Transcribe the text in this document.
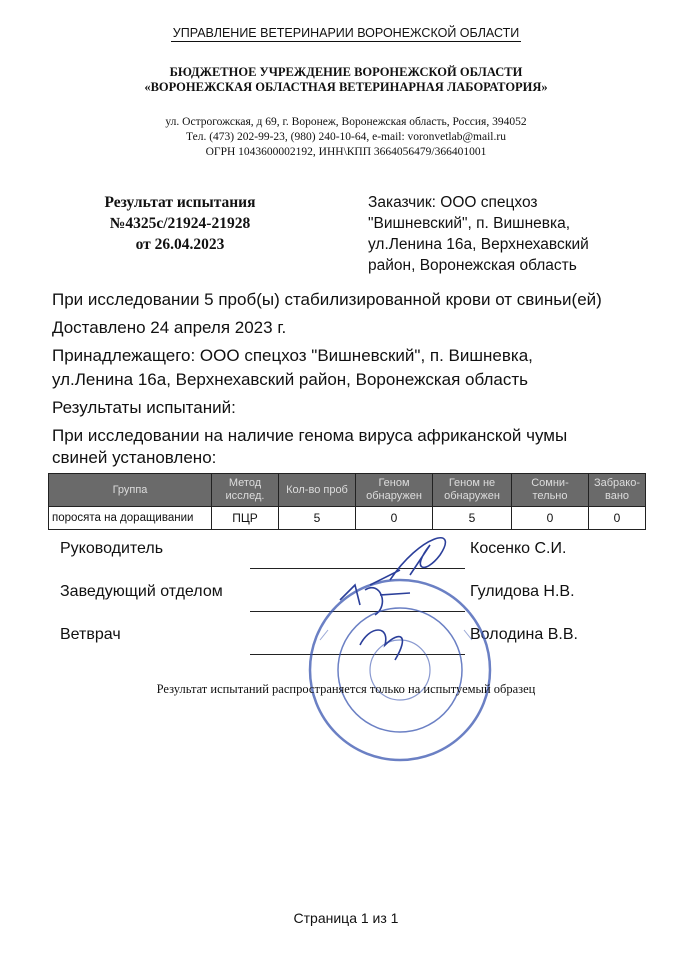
УПРАВЛЕНИЕ ВЕТЕРИНАРИИ ВОРОНЕЖСКОЙ ОБЛАСТИ
БЮДЖЕТНОЕ УЧРЕЖДЕНИЕ ВОРОНЕЖСКОЙ ОБЛАСТИ
«ВОРОНЕЖСКАЯ ОБЛАСТНАЯ ВЕТЕРИНАРНАЯ ЛАБОРАТОРИЯ»
ул. Острогожская, д 69, г. Воронеж, Воронежская область, Россия, 394052
Тел. (473) 202-99-23, (980) 240-10-64, e-mail: voronvetlab@mail.ru
ОГРН 1043600002192, ИНН\КПП 3664056479/366401001
Результат испытания
№4325с/21924-21928
от 26.04.2023
Заказчик: ООО спецхоз
"Вишневский", п. Вишневка,
ул.Ленина 16а, Верхнехавский
район, Воронежская область
При исследовании 5 проб(ы) стабилизированной крови от свиньи(ей)
Доставлено 24 апреля 2023 г.
Принадлежащего: ООО спецхоз "Вишневский", п. Вишневка,
ул.Ленина 16а, Верхнехавский район, Воронежская область
Результаты испытаний:
При исследовании на наличие генома вируса африканской чумы
свиней установлено:
Группа	Метод исслед.	Кол-во проб	Геном обнаружен	Геном не обнаружен	Сомни-тельно	Забрако-вано
поросята на доращивании	ПЦР	5	0	5	0	0
Руководитель	Косенко С.И.
Заведующий отделом	Гулидова Н.В.
Ветврач	Володина В.В.
Результат испытаний распространяется только на испытуемый образец
Страница 1 из 1
